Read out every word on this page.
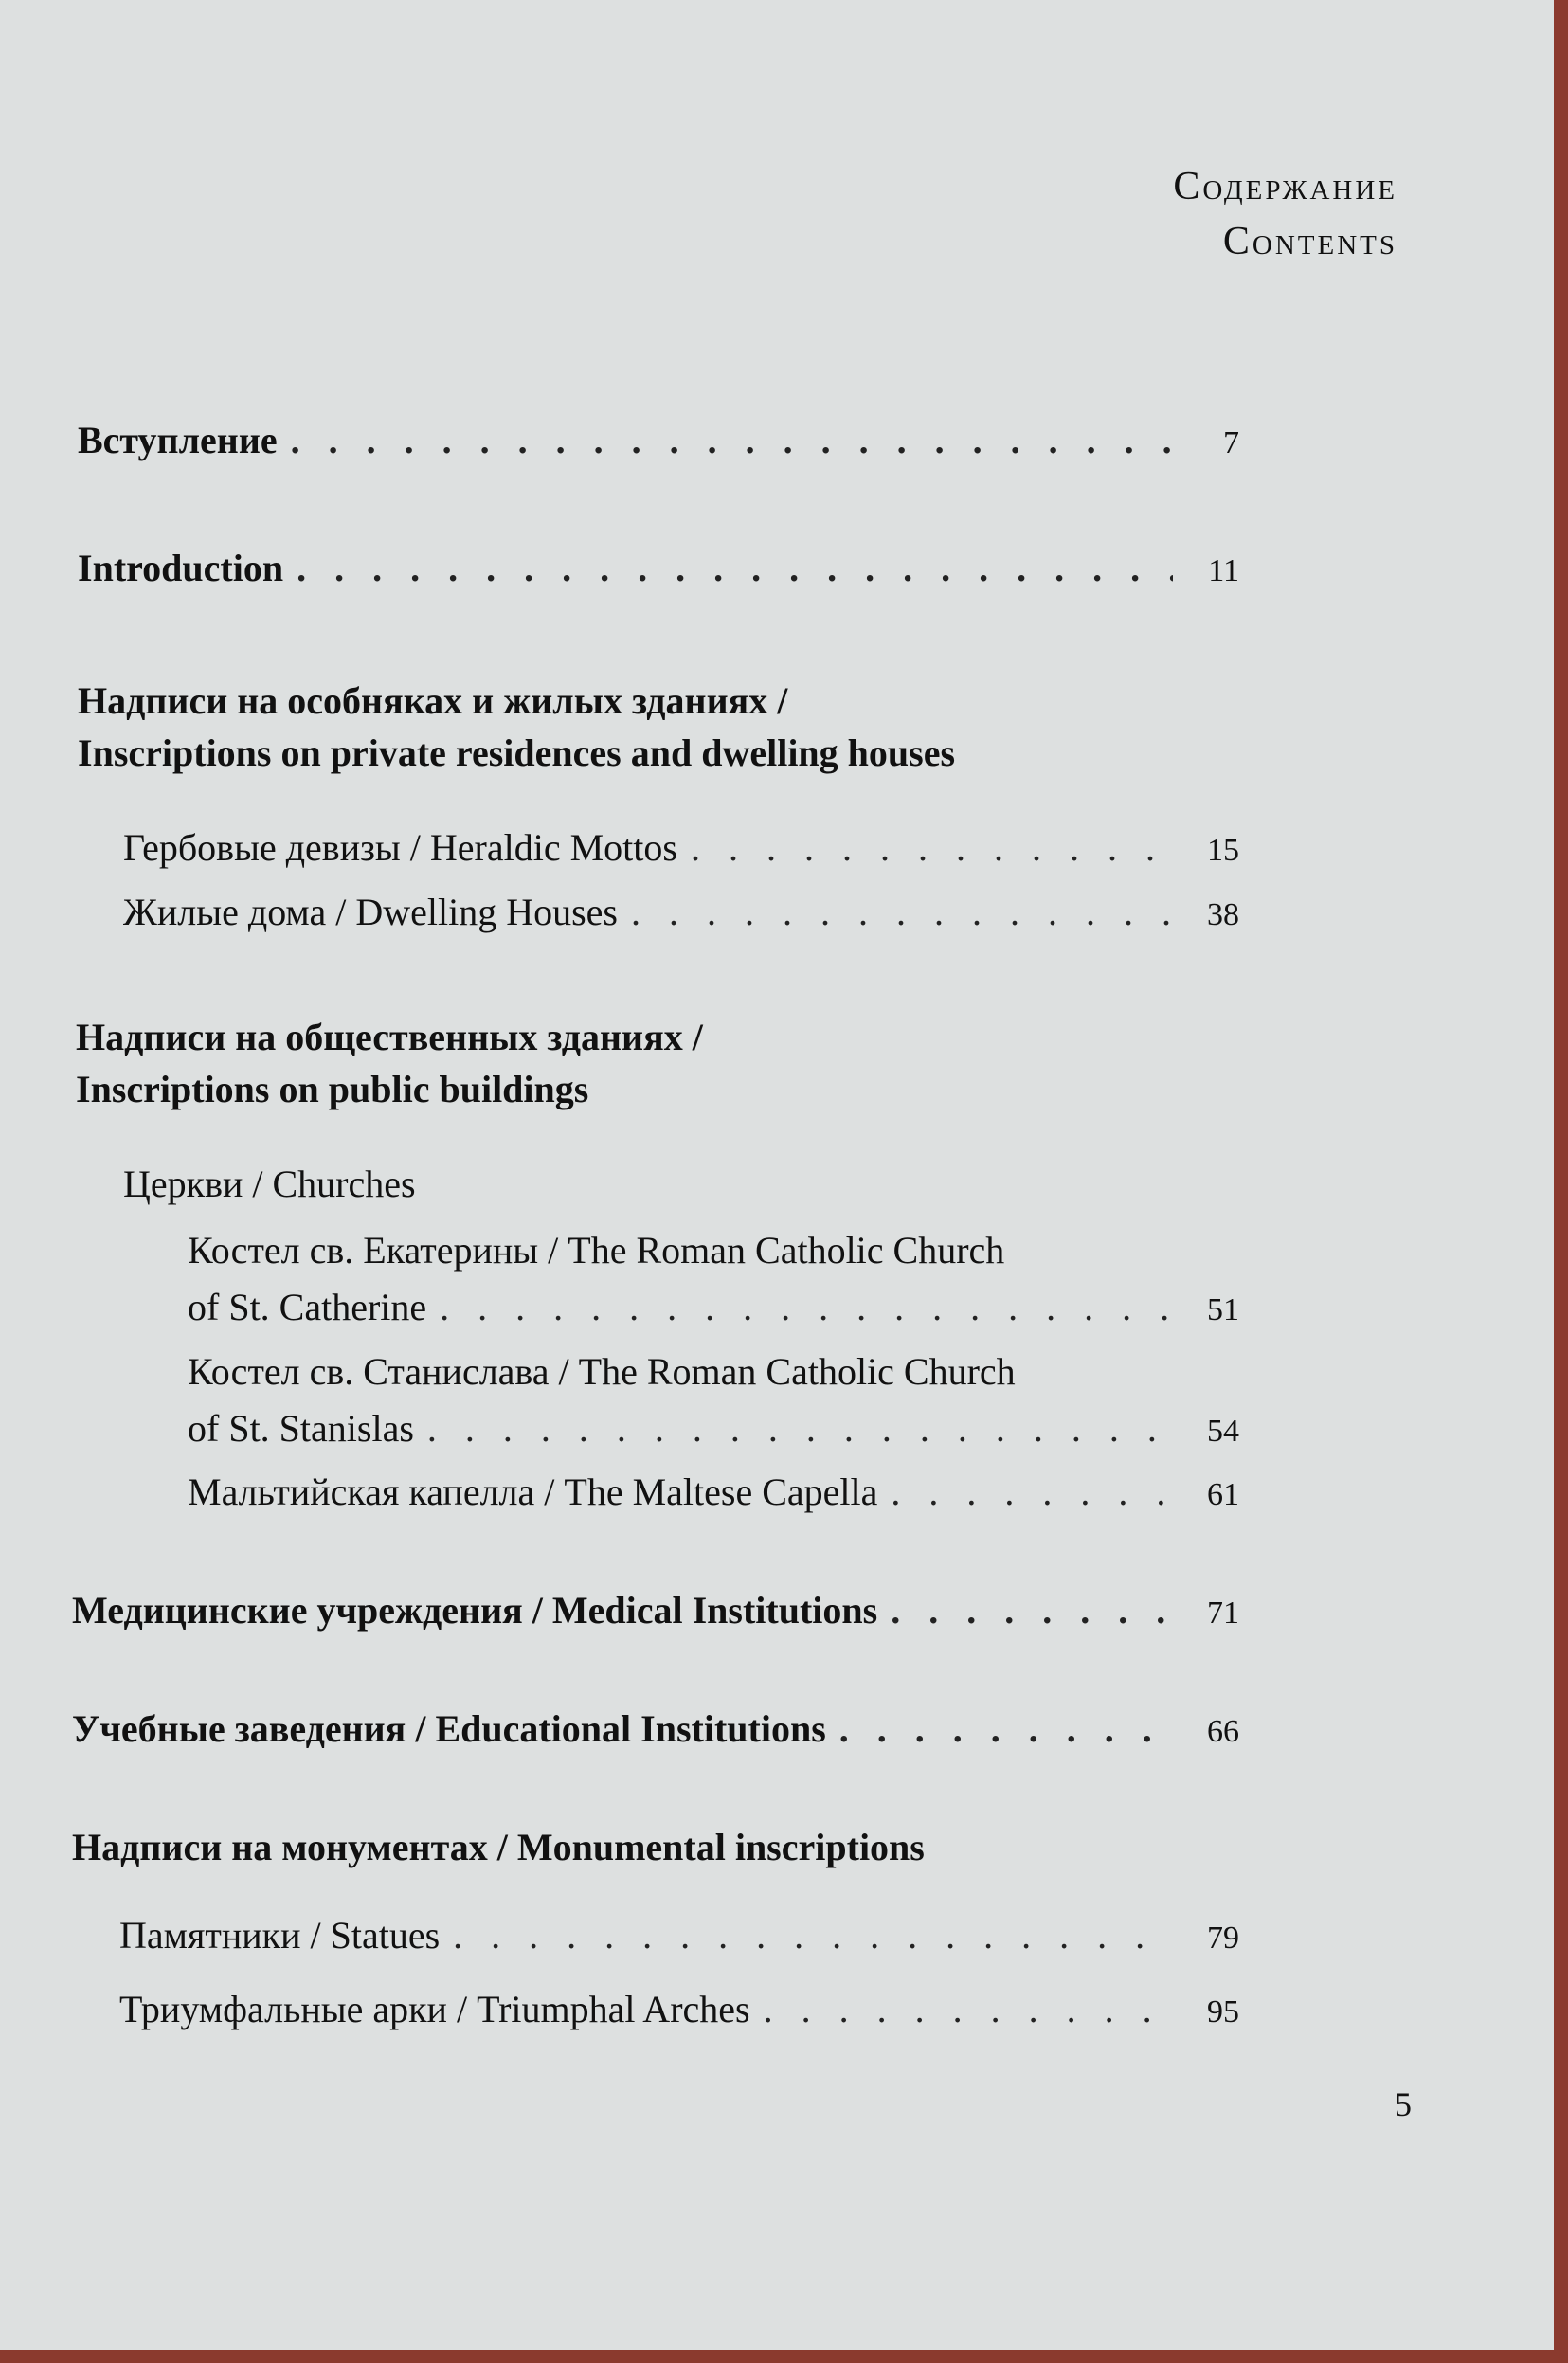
Содержание
Contents
Вступление . . .	7
Introduction . . .	11
Надписи на особняках и жилых зданиях /
Inscriptions on private residences and dwelling houses
Гербовые девизы / Heraldic Mottos . . .	15
Жилые дома / Dwelling Houses . . .	38
Надписи на общественных зданиях /
Inscriptions on public buildings
Церкви / Churches
Костел св. Екатерины / The Roman Catholic Church
of St. Catherine . . .	51
Костел св. Станислава / The Roman Catholic Church
of St. Stanislas . . .	54
Мальтийская капелла / The Maltese Capella . . .	61
Медицинские учреждения / Medical Institutions . . .	71
Учебные заведения / Educational Institutions . . .	66
Надписи на монументах / Monumental inscriptions
Памятники / Statues . . .	79
Триумфальные арки / Triumphal Arches . . .	95
5
